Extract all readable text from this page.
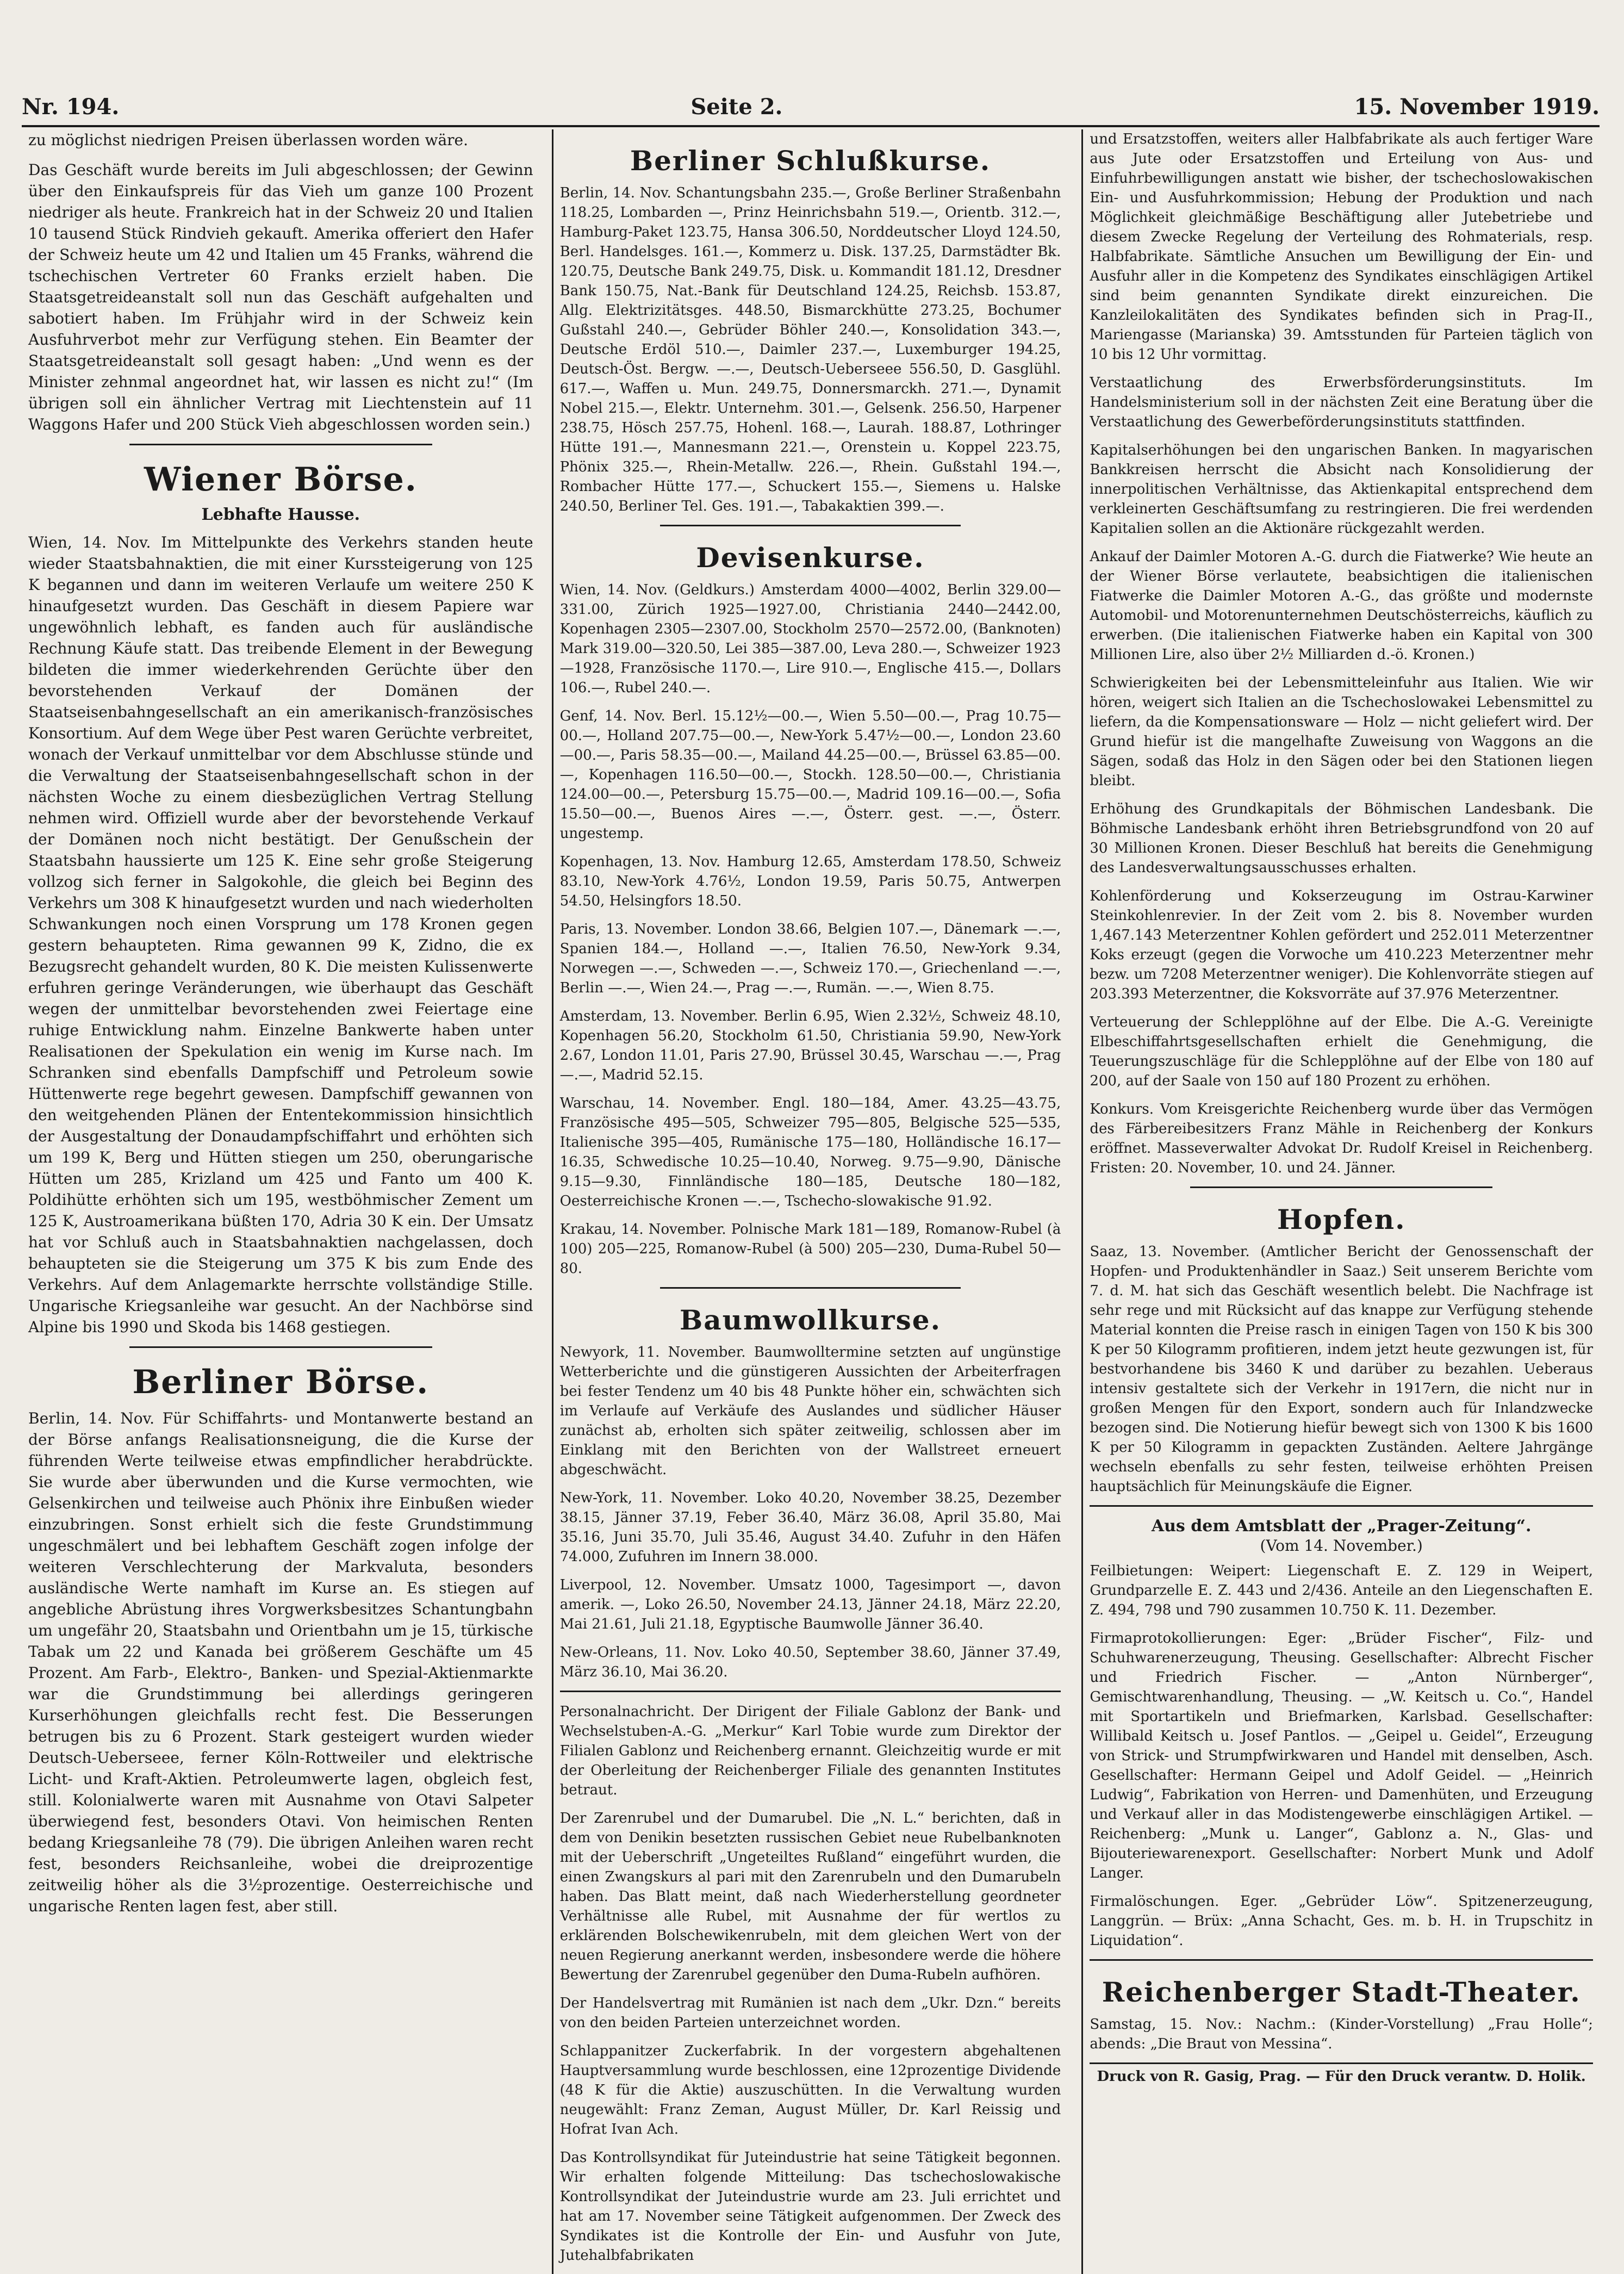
Nr. 194.	Seite 2.	15. November 1919.

zu möglichst niedrigen Preisen überlassen worden wäre.

Das Geschäft wurde bereits im Juli abgeschlossen; der Gewinn über den Einkaufspreis für das Vieh um ganze 100 Prozent niedriger als heute. Frankreich hat in der Schweiz 20 und Italien 10 tausend Stück Rindvieh gekauft. Amerika offeriert den Hafer der Schweiz heute um 42 und Italien um 45 Franks, während die tschechischen Vertreter 60 Franks erzielt haben. Die Staatsgetreideanstalt soll nun das Geschäft aufgehalten und sabotiert haben. Im Frühjahr wird in der Schweiz kein Ausfuhrverbot mehr zur Verfügung stehen. Ein Beamter der Staatsgetreideanstalt soll gesagt haben: „Und wenn es der Minister zehnmal angeordnet hat, wir lassen es nicht zu!“ (Im übrigen soll ein ähnlicher Vertrag mit Liechtenstein auf 11 Waggons Hafer und 200 Stück Vieh abgeschlossen worden sein.)

Wiener Börse.
Lebhafte Hausse.

Wien, 14. Nov. Im Mittelpunkte des Verkehrs standen heute wieder Staatsbahnaktien, die mit einer Kurssteigerung von 125 K begannen und dann im weiteren Verlaufe um weitere 250 K hinaufgesetzt wurden. Das Geschäft in diesem Papiere war ungewöhnlich lebhaft, es fanden auch für ausländische Rechnung Käufe statt. Das treibende Element in der Bewegung bildeten die immer wiederkehrenden Gerüchte über den bevorstehenden Verkauf der Domänen der Staatseisenbahngesellschaft an ein amerikanisch-französisches Konsortium. Auf dem Wege über Pest waren Gerüchte verbreitet, wonach der Verkauf unmittelbar vor dem Abschlusse stünde und die Verwaltung der Staatseisenbahngesellschaft schon in der nächsten Woche zu einem diesbezüglichen Vertrag Stellung nehmen wird. Offiziell wurde aber der bevorstehende Verkauf der Domänen noch nicht bestätigt. Der Genußschein der Staatsbahn haussierte um 125 K. Eine sehr große Steigerung vollzog sich ferner in Salgokohle, die gleich bei Beginn des Verkehrs um 308 K hinaufgesetzt wurden und nach wiederholten Schwankungen noch einen Vorsprung um 178 Kronen gegen gestern behaupteten. Rima gewannen 99 K, Zidno, die ex Bezugsrecht gehandelt wurden, 80 K. Die meisten Kulissenwerte erfuhren geringe Veränderungen, wie überhaupt das Geschäft wegen der unmittelbar bevorstehenden zwei Feiertage eine ruhige Entwicklung nahm. Einzelne Bankwerte haben unter Realisationen der Spekulation ein wenig im Kurse nach. Im Schranken sind ebenfalls Dampfschiff und Petroleum sowie Hüttenwerte rege begehrt gewesen. Dampfschiff gewannen von den weitgehenden Plänen der Ententekommission hinsichtlich der Ausgestaltung der Donaudampfschiffahrt und erhöhten sich um 199 K, Berg und Hütten stiegen um 250, oberungarische Hütten um 285, Krizland um 425 und Fanto um 400 K. Poldihütte erhöhten sich um 195, westböhmischer Zement um 125 K, Austroamerikana büßten 170, Adria 30 K ein. Der Umsatz hat vor Schluß auch in Staatsbahnaktien nachgelassen, doch behaupteten sie die Steigerung um 375 K bis zum Ende des Verkehrs. Auf dem Anlagemarkte herrschte vollständige Stille. Ungarische Kriegsanleihe war gesucht. An der Nachbörse sind Alpine bis 1990 und Skoda bis 1468 gestiegen.

Berliner Börse.

Berlin, 14. Nov. Für Schiffahrts- und Montanwerte bestand an der Börse anfangs Realisationsneigung, die die Kurse der führenden Werte teilweise etwas empfindlicher herabdrückte. Sie wurde aber überwunden und die Kurse vermochten, wie Gelsenkirchen und teilweise auch Phönix ihre Einbußen wieder einzubringen. Sonst erhielt sich die feste Grundstimmung ungeschmälert und bei lebhaftem Geschäft zogen infolge der weiteren Verschlechterung der Markvaluta, besonders ausländische Werte namhaft im Kurse an. Es stiegen auf angebliche Abrüstung ihres Vorgwerksbesitzes Schantungbahn um ungefähr 20, Staatsbahn und Orientbahn um je 15, türkische Tabak um 22 und Kanada bei größerem Geschäfte um 45 Prozent. Am Farb-, Elektro-, Banken- und Spezial-Aktienmarkte war die Grundstimmung bei allerdings geringeren Kurserhöhungen gleichfalls recht fest. Die Besserungen betrugen bis zu 6 Prozent. Stark gesteigert wurden wieder Deutsch-Ueberseee, ferner Köln-Rottweiler und elektrische Licht- und Kraft-Aktien. Petroleumwerte lagen, obgleich fest, still. Kolonialwerte waren mit Ausnahme von Otavi Salpeter überwiegend fest, besonders Otavi. Von heimischen Renten bedang Kriegsanleihe 78 (79). Die übrigen Anleihen waren recht fest, besonders Reichsanleihe, wobei die dreiprozentige zeitweilig höher als die 3½prozentige. Oesterreichische und ungarische Renten lagen fest, aber still.

Berliner Schlußkurse.

Berlin, 14. Nov. Schantungsbahn 235.—, Große Berliner Straßenbahn 118.25, Lombarden —, Prinz Heinrichsbahn 519.—, Orientb. 312.—, Hamburg-Paket 123.75, Hansa 306.50, Norddeutscher Lloyd 124.50, Berl. Handelsges. 161.—, Kommerz u. Disk. 137.25, Darmstädter Bk. 120.75, Deutsche Bank 249.75, Disk. u. Kommandit 181.12, Dresdner Bank 150.75, Nat.-Bank für Deutschland 124.25, Reichsb. 153.87, Allg. Elektrizitätsges. 448.50, Bismarckhütte 273.25, Bochumer Gußstahl 240.—, Gebrüder Böhler 240.—, Konsolidation 343.—, Deutsche Erdöl 510.—, Daimler 237.—, Luxemburger 194.25, Deutsch-Öst. Bergw. —.—, Deutsch-Ueberseee 556.50, D. Gasglühl. 617.—, Waffen u. Mun. 249.75, Donnersmarckh. 271.—, Dynamit Nobel 215.—, Elektr. Unternehm. 301.—, Gelsenk. 256.50, Harpener 238.75, Hösch 257.75, Hohenl. 168.—, Laurah. 188.87, Lothringer Hütte 191.—, Mannesmann 221.—, Orenstein u. Koppel 223.75, Phönix 325.—, Rhein-Metallw. 226.—, Rhein. Gußstahl 194.—, Rombacher Hütte 177.—, Schuckert 155.—, Siemens u. Halske 240.50, Berliner Tel. Ges. 191.—, Tabakaktien 399.—.

Devisenkurse.

Wien, 14. Nov. (Geldkurs.) Amsterdam 4000—4002, Berlin 329.00—331.00, Zürich 1925—1927.00, Christiania 2440—2442.00, Kopenhagen 2305—2307.00, Stockholm 2570—2572.00, (Banknoten) Mark 319.00—320.50, Lei 385—387.00, Leva 280.—, Schweizer 1923—1928, Französische 1170.—, Lire 910.—, Englische 415.—, Dollars 106.—, Rubel 240.—.

Genf, 14. Nov. Berl. 15.12½—00.—, Wien 5.50—00.—, Prag 10.75—00.—, Holland 207.75—00.—, New-York 5.47½—00.—, London 23.60—00.—, Paris 58.35—00.—, Mailand 44.25—00.—, Brüssel 63.85—00.—, Kopenhagen 116.50—00.—, Stockh. 128.50—00.—, Christiania 124.00—00.—, Petersburg 15.75—00.—, Madrid 109.16—00.—, Sofia 15.50—00.—, Buenos Aires —.—, Österr. gest. —.—, Österr. ungestemp.

Kopenhagen, 13. Nov. Hamburg 12.65, Amsterdam 178.50, Schweiz 83.10, New-York 4.76½, London 19.59, Paris 50.75, Antwerpen 54.50, Helsingfors 18.50.

Paris, 13. November. London 38.66, Belgien 107.—, Dänemark —.—, Spanien 184.—, Holland —.—, Italien 76.50, New-York 9.34, Norwegen —.—, Schweden —.—, Schweiz 170.—, Griechenland —.—, Berlin —.—, Wien 24.—, Prag —.—, Rumän. —.—, Wien 8.75.

Amsterdam, 13. November. Berlin 6.95, Wien 2.32½, Schweiz 48.10, Kopenhagen 56.20, Stockholm 61.50, Christiania 59.90, New-York 2.67, London 11.01, Paris 27.90, Brüssel 30.45, Warschau —.—, Prag —.—, Madrid 52.15.

Warschau, 14. November. Engl. 180—184, Amer. 43.25—43.75, Französische 495—505, Schweizer 795—805, Belgische 525—535, Italienische 395—405, Rumänische 175—180, Holländische 16.17—16.35, Schwedische 10.25—10.40, Norweg. 9.75—9.90, Dänische 9.15—9.30, Finnländische 180—185, Deutsche 180—182, Oesterreichische Kronen —.—, Tschecho-slowakische 91.92.

Krakau, 14. November. Polnische Mark 181—189, Romanow-Rubel (à 100) 205—225, Romanow-Rubel (à 500) 205—230, Duma-Rubel 50—80.

Baumwollkurse.

Newyork, 11. November. Baumwolltermine setzten auf ungünstige Wetterberichte und die günstigeren Aussichten der Arbeiterfragen bei fester Tendenz um 40 bis 48 Punkte höher ein, schwächten sich im Verlaufe auf Verkäufe des Auslandes und südlicher Häuser zunächst ab, erholten sich später zeitweilig, schlossen aber im Einklang mit den Berichten von der Wallstreet erneuert abgeschwächt.

New-York, 11. November. Loko 40.20, November 38.25, Dezember 38.15, Jänner 37.19, Feber 36.40, März 36.08, April 35.80, Mai 35.16, Juni 35.70, Juli 35.46, August 34.40. Zufuhr in den Häfen 74.000, Zufuhren im Innern 38.000.

Liverpool, 12. November. Umsatz 1000, Tagesimport —, davon amerik. —, Loko 26.50, November 24.13, Jänner 24.18, März 22.20, Mai 21.61, Juli 21.18, Egyptische Baumwolle Jänner 36.40.

New-Orleans, 11. Nov. Loko 40.50, September 38.60, Jänner 37.49, März 36.10, Mai 36.20.

Personalnachricht. Der Dirigent der Filiale Gablonz der Bank- und Wechselstuben-A.-G. „Merkur“ Karl Tobie wurde zum Direktor der Filialen Gablonz und Reichenberg ernannt. Gleichzeitig wurde er mit der Oberleitung der Reichenberger Filiale des genannten Institutes betraut.

Der Zarenrubel und der Dumarubel. Die „N. L.“ berichten, daß in dem von Denikin besetzten russischen Gebiet neue Rubelbanknoten mit der Ueberschrift „Ungeteiltes Rußland“ eingeführt wurden, die einen Zwangskurs al pari mit den Zarenrubeln und den Dumarubeln haben. Das Blatt meint, daß nach Wiederherstellung geordneter Verhältnisse alle Rubel, mit Ausnahme der für wertlos zu erklärenden Bolschewikenrubeln, mit dem gleichen Wert von der neuen Regierung anerkannt werden, insbesondere werde die höhere Bewertung der Zarenrubel gegenüber den Duma-Rubeln aufhören.

Der Handelsvertrag mit Rumänien ist nach dem „Ukr. Dzn.“ bereits von den beiden Parteien unterzeichnet worden.

Schlappanitzer Zuckerfabrik. In der vorgestern abgehaltenen Hauptversammlung wurde beschlossen, eine 12prozentige Dividende (48 K für die Aktie) auszuschütten. In die Verwaltung wurden neugewählt: Franz Zeman, August Müller, Dr. Karl Reissig und Hofrat Ivan Ach.

Das Kontrollsyndikat für Juteindustrie hat seine Tätigkeit begonnen. Wir erhalten folgende Mitteilung: Das tschechoslowakische Kontrollsyndikat der Juteindustrie wurde am 23. Juli errichtet und hat am 17. November seine Tätigkeit aufgenommen. Der Zweck des Syndikates ist die Kontrolle der Ein- und Ausfuhr von Jute, Jutehalbfabrikaten

und Ersatzstoffen, weiters aller Halbfabrikate als auch fertiger Ware aus Jute oder Ersatzstoffen und Erteilung von Aus- und Einfuhrbewilligungen anstatt wie bisher, der tschechoslowakischen Ein- und Ausfuhrkommission; Hebung der Produktion und nach Möglichkeit gleichmäßige Beschäftigung aller Jutebetriebe und diesem Zwecke Regelung der Verteilung des Rohmaterials, resp. Halbfabrikate. Sämtliche Ansuchen um Bewilligung der Ein- und Ausfuhr aller in die Kompetenz des Syndikates einschlägigen Artikel sind beim genannten Syndikate direkt einzureichen. Die Kanzleilokalitäten des Syndikates befinden sich in Prag-II., Mariengasse (Marianska) 39. Amtsstunden für Parteien täglich von 10 bis 12 Uhr vormittag.

Verstaatlichung des Erwerbsförderungsinstituts. Im Handelsministerium soll in der nächsten Zeit eine Beratung über die Verstaatlichung des Gewerbeförderungsinstituts stattfinden.

Kapitalserhöhungen bei den ungarischen Banken. In magyarischen Bankkreisen herrscht die Absicht nach Konsolidierung der innerpolitischen Verhältnisse, das Aktienkapital entsprechend dem verkleinerten Geschäftsumfang zu restringieren. Die frei werdenden Kapitalien sollen an die Aktionäre rückgezahlt werden.

Ankauf der Daimler Motoren A.-G. durch die Fiatwerke? Wie heute an der Wiener Börse verlautete, beabsichtigen die italienischen Fiatwerke die Daimler Motoren A.-G., das größte und modernste Automobil- und Motorenunternehmen Deutschösterreichs, käuflich zu erwerben. (Die italienischen Fiatwerke haben ein Kapital von 300 Millionen Lire, also über 2½ Milliarden d.-ö. Kronen.)

Schwierigkeiten bei der Lebensmitteleinfuhr aus Italien. Wie wir hören, weigert sich Italien an die Tschechoslowakei Lebensmittel zu liefern, da die Kompensationsware — Holz — nicht geliefert wird. Der Grund hiefür ist die mangelhafte Zuweisung von Waggons an die Sägen, sodaß das Holz in den Sägen oder bei den Stationen liegen bleibt.

Erhöhung des Grundkapitals der Böhmischen Landesbank. Die Böhmische Landesbank erhöht ihren Betriebsgrundfond von 20 auf 30 Millionen Kronen. Dieser Beschluß hat bereits die Genehmigung des Landesverwaltungsausschusses erhalten.

Kohlenförderung und Kokserzeugung im Ostrau-Karwiner Steinkohlenrevier. In der Zeit vom 2. bis 8. November wurden 1,467.143 Meterzentner Kohlen gefördert und 252.011 Meterzentner Koks erzeugt (gegen die Vorwoche um 410.223 Meterzentner mehr bezw. um 7208 Meterzentner weniger). Die Kohlenvorräte stiegen auf 203.393 Meterzentner, die Koksvorräte auf 37.976 Meterzentner.

Verteuerung der Schlepplöhne auf der Elbe. Die A.-G. Vereinigte Elbeschiffahrtsgesellschaften erhielt die Genehmigung, die Teuerungszuschläge für die Schlepplöhne auf der Elbe von 180 auf 200, auf der Saale von 150 auf 180 Prozent zu erhöhen.

Konkurs. Vom Kreisgerichte Reichenberg wurde über das Vermögen des Färbereibesitzers Franz Mähle in Reichenberg der Konkurs eröffnet. Masseverwalter Advokat Dr. Rudolf Kreisel in Reichenberg. Fristen: 20. November, 10. und 24. Jänner.

Hopfen.

Saaz, 13. November. (Amtlicher Bericht der Genossenschaft der Hopfen- und Produktenhändler in Saaz.) Seit unserem Berichte vom 7. d. M. hat sich das Geschäft wesentlich belebt. Die Nachfrage ist sehr rege und mit Rücksicht auf das knappe zur Verfügung stehende Material konnten die Preise rasch in einigen Tagen von 150 K bis 300 K per 50 Kilogramm profitieren, indem jetzt heute gezwungen ist, für bestvorhandene bis 3460 K und darüber zu bezahlen. Ueberaus intensiv gestaltete sich der Verkehr in 1917ern, die nicht nur in großen Mengen für den Export, sondern auch für Inlandzwecke bezogen sind. Die Notierung hiefür bewegt sich von 1300 K bis 1600 K per 50 Kilogramm in gepackten Zuständen. Aeltere Jahrgänge wechseln ebenfalls zu sehr festen, teilweise erhöhten Preisen hauptsächlich für Meinungskäufe die Eigner.

Aus dem Amtsblatt der „Prager-Zeitung“.
(Vom 14. November.)

Feilbietungen: Weipert: Liegenschaft E. Z. 129 in Weipert, Grundparzelle E. Z. 443 und 2/436. Anteile an den Liegenschaften E. Z. 494, 798 und 790 zusammen 10.750 K. 11. Dezember.

Firmaprotokollierungen: Eger: „Brüder Fischer“, Filz- und Schuhwarenerzeugung, Theusing. Gesellschafter: Albrecht Fischer und Friedrich Fischer. — „Anton Nürnberger“, Gemischtwarenhandlung, Theusing. — „W. Keitsch u. Co.“, Handel mit Sportartikeln und Briefmarken, Karlsbad. Gesellschafter: Willibald Keitsch u. Josef Pantlos. — „Geipel u. Geidel“, Erzeugung von Strick- und Strumpfwirkwaren und Handel mit denselben, Asch. Gesellschafter: Hermann Geipel und Adolf Geidel. — „Heinrich Ludwig“, Fabrikation von Herren- und Damenhüten, und Erzeugung und Verkauf aller in das Modistengewerbe einschlägigen Artikel. — Reichenberg: „Munk u. Langer“, Gablonz a. N., Glas- und Bijouteriewarenexport. Gesellschafter: Norbert Munk und Adolf Langer.

Firmalöschungen. Eger. „Gebrüder Löw“. Spitzenerzeugung, Langgrün. — Brüx: „Anna Schacht, Ges. m. b. H. in Trupschitz in Liquidation“.

Reichenberger Stadt-Theater.

Samstag, 15. Nov.: Nachm.: (Kinder-Vorstellung) „Frau Holle“; abends: „Die Braut von Messina“.

Druck von R. Gasig, Prag. — Für den Druck verantw. D. Holik.
